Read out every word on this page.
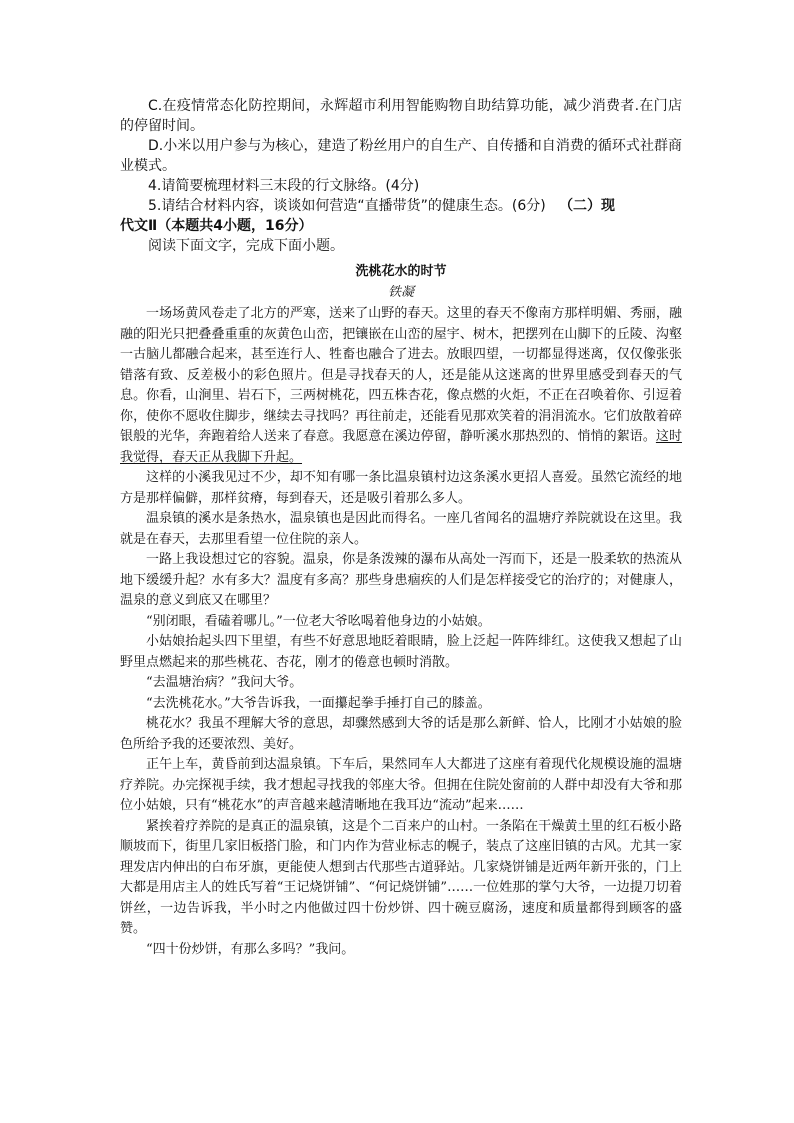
C.在疫情常态化防控期间，永辉超市利用智能购物自助结算功能，减少消费者.在门店的停留时间。

D.小米以用户参与为核心，建造了粉丝用户的自生产、自传播和自消费的循环式社群商业模式。

4.请简要梳理材料三末段的行文脉络。(4分)

5.请结合材料内容，谈谈如何营造“直播带货”的健康生态。(6分) （二）现

代文Ⅱ（本题共4小题，16分）

阅读下面文字，完成下面小题。

洗桃花水的时节

铁凝

一场场黄风卷走了北方的严寒，送来了山野的春天。这里的春天不像南方那样明媚、秀丽，融融的阳光只把叠叠重重的灰黄色山峦，把镶嵌在山峦的屋宇、树木，把摆列在山脚下的丘陵、沟壑一古脑儿都融合起来，甚至连行人、牲畜也融合了进去。放眼四望，一切都显得迷离，仅仅像张张错落有致、反差极小的彩色照片。但是寻找春天的人，还是能从这迷离的世界里感受到春天的气息。你看，山涧里、岩石下，三两树桃花，四五株杏花，像点燃的火炬，不正在召唤着你、引逗着你，使你不愿收住脚步，继续去寻找吗？再往前走，还能看见那欢笑着的涓涓流水。它们放散着碎银般的光华，奔跑着给人送来了春意。我愿意在溪边停留，静听溪水那热烈的、悄悄的絮语。这时我觉得，春天正从我脚下升起。

这样的小溪我见过不少，却不知有哪一条比温泉镇村边这条溪水更招人喜爱。虽然它流经的地方是那样偏僻，那样贫瘠，每到春天，还是吸引着那么多人。

温泉镇的溪水是条热水，温泉镇也是因此而得名。一座几省闻名的温塘疗养院就设在这里。我就是在春天，去那里看望一位住院的亲人。

一路上我设想过它的容貌。温泉，你是条泼辣的瀑布从高处一泻而下，还是一股柔软的热流从地下缓缓升起？水有多大？温度有多高？那些身患痼疾的人们是怎样接受它的治疗的；对健康人，温泉的意义到底又在哪里？

“别闭眼，看磕着哪儿。”一位老大爷吆喝着他身边的小姑娘。

小姑娘抬起头四下里望，有些不好意思地眨着眼睛，脸上泛起一阵阵绯红。这使我又想起了山野里点燃起来的那些桃花、杏花，刚才的倦意也顿时消散。

“去温塘治病？”我问大爷。

“去洗桃花水。”大爷告诉我，一面攥起拳手捶打自己的膝盖。

桃花水？我虽不理解大爷的意思，却骤然感到大爷的话是那么新鲜、恰人，比刚才小姑娘的脸色所给予我的还要浓烈、美好。

正午上车，黄昏前到达温泉镇。下车后，果然同车人大都进了这座有着现代化规模设施的温塘疗养院。办完探视手续，我才想起寻找我的邻座大爷。但拥在住院处窗前的人群中却没有大爷和那位小姑娘，只有“桃花水”的声音越来越清晰地在我耳边“流动”起来……

紧挨着疗养院的是真正的温泉镇，这是个二百来户的山村。一条陷在干燥黄土里的红石板小路顺坡而下，街里几家旧板搭门脸，和门内作为营业标志的幌子，装点了这座旧镇的古风。尤其一家理发店内伸出的白布牙旗，更能使人想到古代那些古道驿站。几家烧饼铺是近两年新开张的，门上大都是用店主人的姓氏写着“王记烧饼铺”、“何记烧饼铺”……一位姓那的掌勺大爷，一边提刀切着饼丝，一边告诉我，半小时之内他做过四十份炒饼、四十碗豆腐汤，速度和质量都得到顾客的盛赞。

“四十份炒饼，有那么多吗？”我问。
